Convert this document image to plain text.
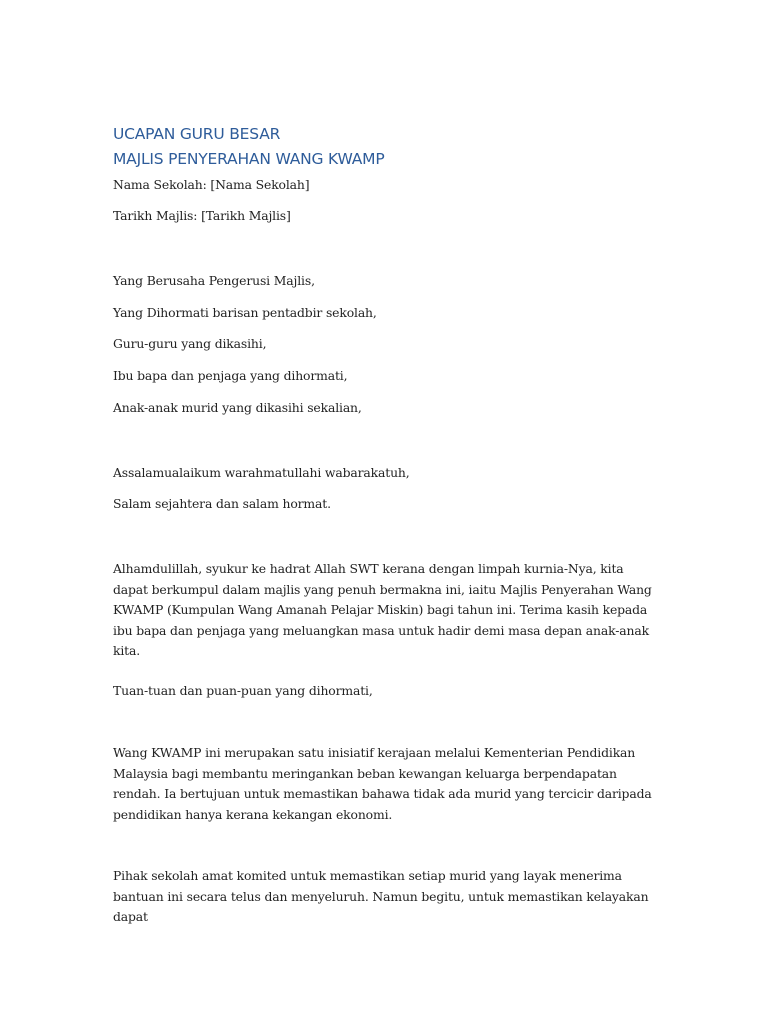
UCAPAN GURU BESAR
MAJLIS PENYERAHAN WANG KWAMP

Nama Sekolah: [Nama Sekolah]

Tarikh Majlis: [Tarikh Majlis]

Yang Berusaha Pengerusi Majlis,

Yang Dihormati barisan pentadbir sekolah,

Guru-guru yang dikasihi,

Ibu bapa dan penjaga yang dihormati,

Anak-anak murid yang dikasihi sekalian,

Assalamualaikum warahmatullahi wabarakatuh,

Salam sejahtera dan salam hormat.

Alhamdulillah, syukur ke hadrat Allah SWT kerana dengan limpah kurnia-Nya, kita dapat berkumpul dalam majlis yang penuh bermakna ini, iaitu Majlis Penyerahan Wang KWAMP (Kumpulan Wang Amanah Pelajar Miskin) bagi tahun ini. Terima kasih kepada ibu bapa dan penjaga yang meluangkan masa untuk hadir demi masa depan anak-anak kita.

Tuan-tuan dan puan-puan yang dihormati,

Wang KWAMP ini merupakan satu inisiatif kerajaan melalui Kementerian Pendidikan Malaysia bagi membantu meringankan beban kewangan keluarga berpendapatan rendah. Ia bertujuan untuk memastikan bahawa tidak ada murid yang tercicir daripada pendidikan hanya kerana kekangan ekonomi.

Pihak sekolah amat komited untuk memastikan setiap murid yang layak menerima bantuan ini secara telus dan menyeluruh. Namun begitu, untuk memastikan kelayakan dapat
